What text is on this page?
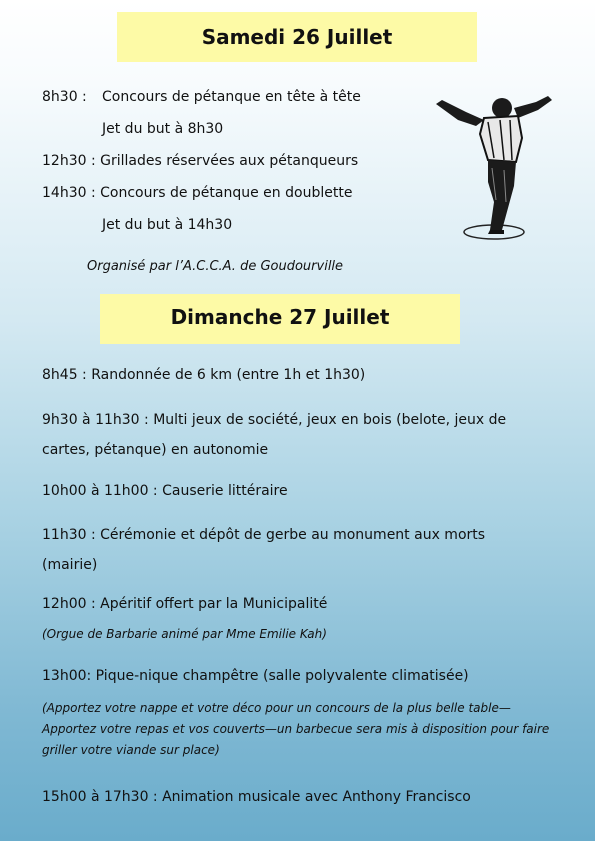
Samedi 26 Juillet
8h30 : Concours de pétanque en tête à tête
Jet du but à 8h30
12h30 : Grillades réservées aux pétanqueurs
14h30 : Concours de pétanque en doublette
Jet du but à 14h30
Organisé par l’A.C.C.A. de Goudourville
Dimanche 27 Juillet
8h45 : Randonnée de 6 km (entre 1h et 1h30)
9h30 à 11h30 : Multi jeux de société, jeux en bois (belote, jeux de cartes, pétanque) en autonomie
10h00 à 11h00 : Causerie littéraire
11h30 : Cérémonie et dépôt de gerbe au monument aux morts (mairie)
12h00 : Apéritif offert par la Municipalité
(Orgue de Barbarie animé par Mme Emilie Kah)
13h00: Pique-nique champêtre (salle polyvalente climatisée)
(Apportez votre nappe et votre déco pour un concours de la plus belle table— Apportez votre repas et vos couverts—un barbecue sera mis à disposition pour faire griller votre viande sur place)
15h00 à 17h30 : Animation musicale avec Anthony Francisco
